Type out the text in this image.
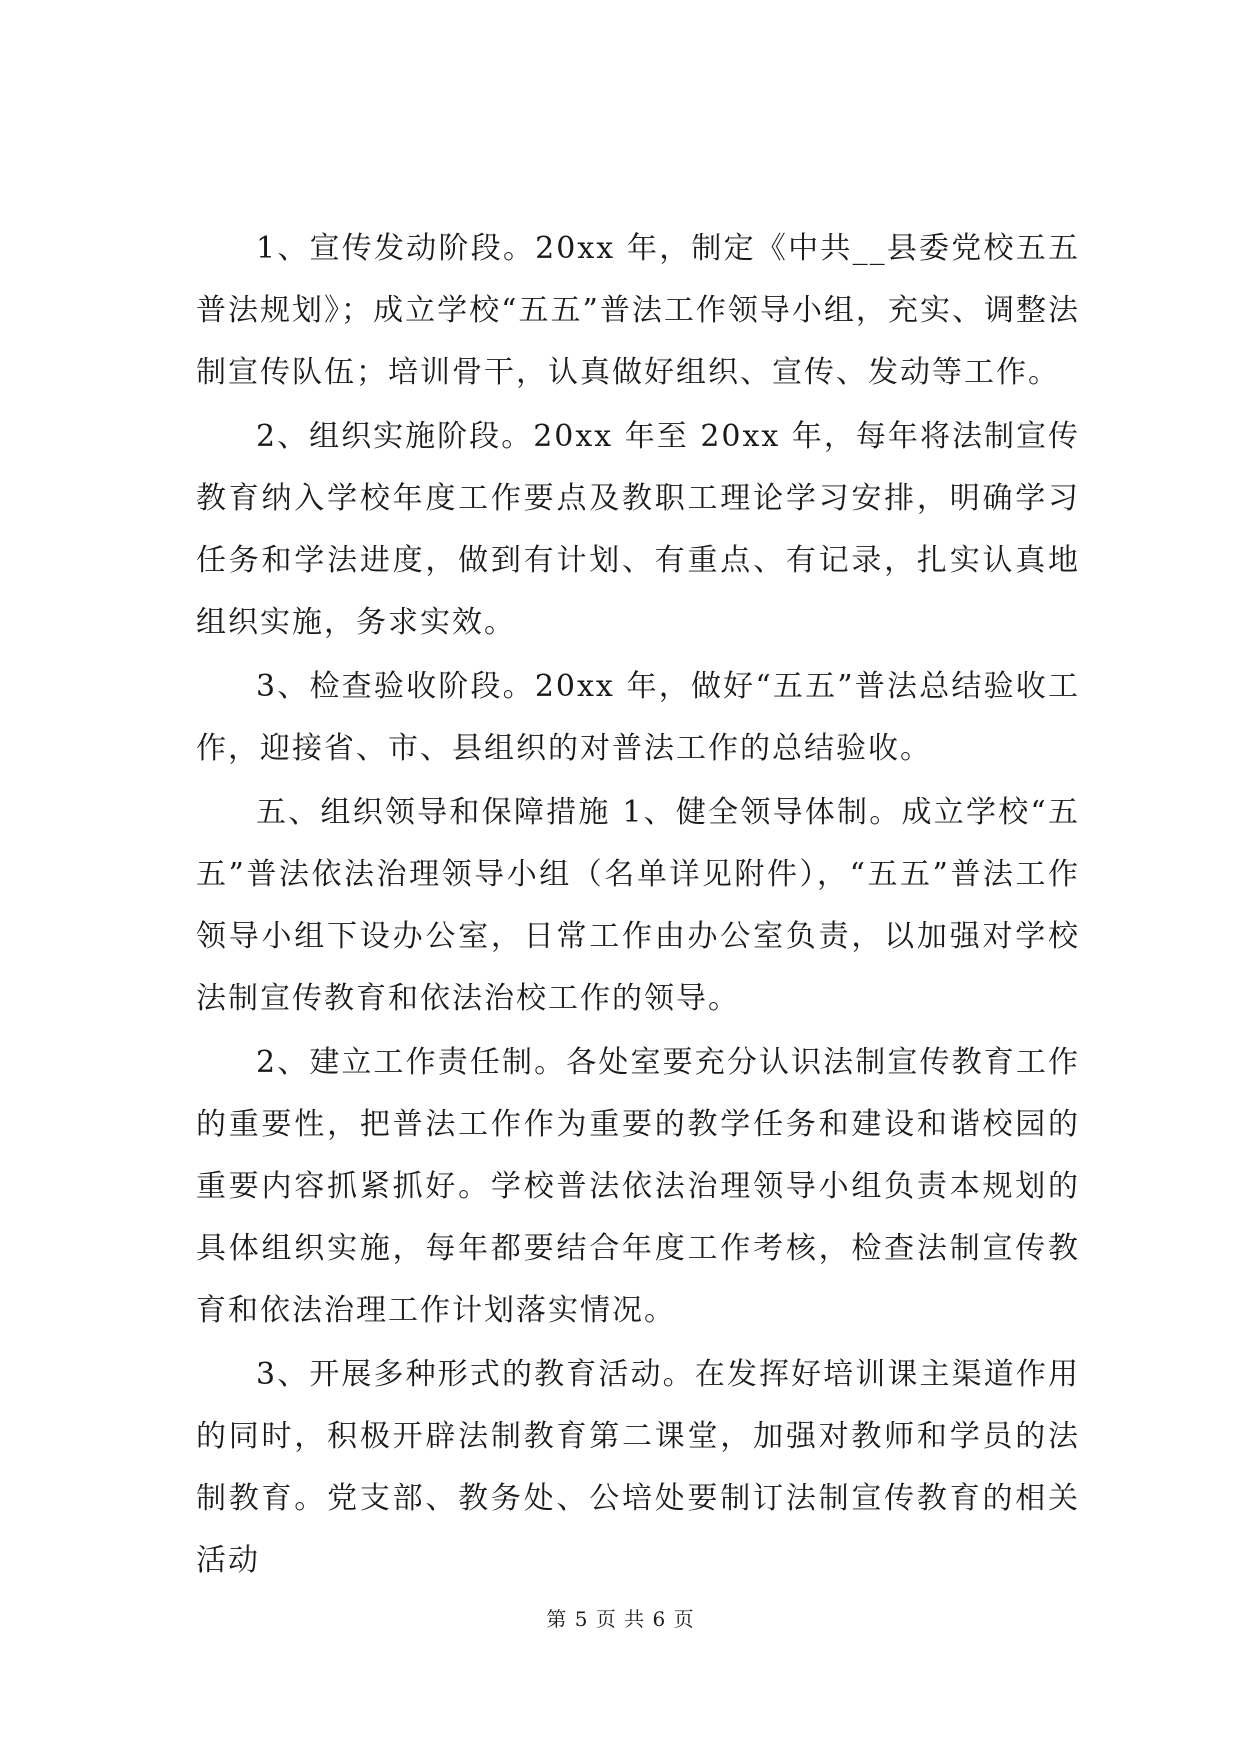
1、宣传发动阶段。20xx 年，制定《中共__县委党校五五普法规划》；成立学校“五五”普法工作领导小组，充实、调整法制宣传队伍；培训骨干，认真做好组织、宣传、发动等工作。

2、组织实施阶段。20xx 年至 20xx 年，每年将法制宣传教育纳入学校年度工作要点及教职工理论学习安排，明确学习任务和学法进度，做到有计划、有重点、有记录，扎实认真地组织实施，务求实效。

3、检查验收阶段。20xx 年，做好“五五”普法总结验收工作，迎接省、市、县组织的对普法工作的总结验收。

五、组织领导和保障措施 1、健全领导体制。成立学校“五五”普法依法治理领导小组（名单详见附件），“五五”普法工作领导小组下设办公室，日常工作由办公室负责，以加强对学校法制宣传教育和依法治校工作的领导。

2、建立工作责任制。各处室要充分认识法制宣传教育工作的重要性，把普法工作作为重要的教学任务和建设和谐校园的重要内容抓紧抓好。学校普法依法治理领导小组负责本规划的具体组织实施，每年都要结合年度工作考核，检查法制宣传教育和依法治理工作计划落实情况。

3、开展多种形式的教育活动。在发挥好培训课主渠道作用的同时，积极开辟法制教育第二课堂，加强对教师和学员的法制教育。党支部、教务处、公培处要制订法制宣传教育的相关活动

第 5 页 共 6 页
